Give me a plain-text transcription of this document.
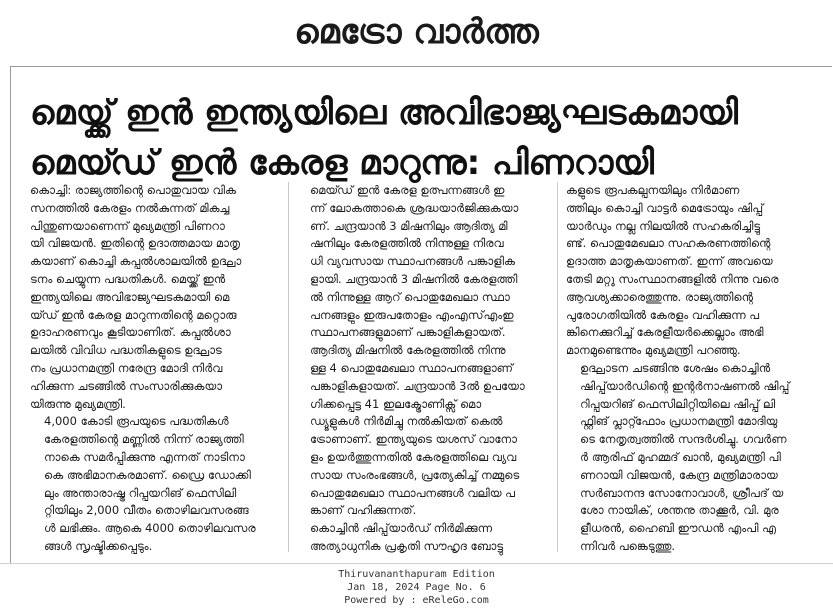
മെട്രോ വാർത്ത
മെയ്ക്ക് ഇൻ ഇന്ത്യയിലെ അവിഭാജ്യഘടകമായി
മെയ്ഡ് ഇൻ കേരള മാറുന്നു: പിണറായി

കൊച്ചി: രാജ്യത്തിന്റെ പൊതുവായ വിക
സനത്തിൽ കേരളം നൽകുന്നത് മികച്ച
പിന്തുണയാണെന്ന് മുഖ്യമന്ത്രി പിണറാ
യി വിജയൻ. ഇതിന്റെ ഉദാത്തമായ മാതൃ
കയാണ് കൊച്ചി കപ്പൽശാലയിൽ ഉദ്ഘാ
ടനം ചെയ്യുന്ന പദ്ധതികൾ. മെയ്ക്ക് ഇൻ
ഇന്ത്യയിലെ അവിഭാജ്യഘടകമായി മെ
യ്ഡ് ഇൻ കേരള മാറുന്നതിന്റെ മറ്റൊരു
ഉദാഹരണവും കൂടിയാണിത്. കപ്പൽശാ
ലയിൽ വിവിധ പദ്ധതികളുടെ ഉദ്ഘാട
നം പ്രധാനമന്ത്രി നരേന്ദ്ര മോദി നിർവ
ഹിക്കുന്ന ചടങ്ങിൽ സംസാരിക്കുകയാ
യിരുന്നു മുഖ്യമന്ത്രി.

4,000 കോടി രൂപയുടെ പദ്ധതികൾ
കേരളത്തിന്റെ മണ്ണിൽ നിന്ന് രാജ്യത്തി
നാകെ സമർപ്പിക്കുന്നു എന്നത് നാടിനാ
കെ അഭിമാനകരമാണ്. ഡ്രൈ ഡോക്കി
ലും അന്താരാഷ്ട്ര റിപ്പയറിങ് ഫെസിലി
റ്റിയിലും 2,000 വീതം തൊഴിലവസരങ്ങ
ൾ ലഭിക്കും. ആകെ 4000 തൊഴിലവസര
ങ്ങൾ സൃഷ്ടിക്കപ്പെടും.

മെയ്ഡ് ഇൻ കേരള ഉത്പന്നങ്ങൾ ഇ
ന്ന് ലോകത്താകെ ശ്രദ്ധയാർജിക്കുകയാ
ണ്. ചന്ദ്രയാൻ 3 മിഷനിലും ആദിത്യ മി
ഷനിലും കേരളത്തിൽ നിന്നുള്ള നിരവ
ധി വ്യവസായ സ്ഥാപനങ്ങൾ പങ്കാളിക
ളായി. ചന്ദ്രയാൻ 3 മിഷനിൽ കേരളത്തി
ൽ നിന്നുള്ള ആറ് പൊതുമേഖലാ സ്ഥാ
പനങ്ങളും ഇരുപതോളം എംഎസ്എംഇ
സ്ഥാപനങ്ങളുമാണ് പങ്കാളികളായത്.
ആദിത്യ മിഷനിൽ കേരളത്തിൽ നിന്നു
ള്ള 4 പൊതുമേഖലാ സ്ഥാപനങ്ങളാണ്
പങ്കാളികളായത്. ചന്ദ്രയാൻ 3ൽ ഉപയോ
ഗിക്കപ്പെട്ട 41 ഇലക്ട്രോണിക്സ് മൊ
ഡ്യൂളുകൾ നിർമിച്ചു നൽകിയത് കെൽ
ട്രോണാണ്. ഇന്ത്യയുടെ യശസ് വാനോ
ളം ഉയർത്തുന്നതിൽ കേരളത്തിലെ വ്യവ
സായ സംരംഭങ്ങൾ, പ്രത്യേകിച്ച് നമ്മുടെ
പൊതുമേഖലാ സ്ഥാപനങ്ങൾ വലിയ പ
ങ്കാണ് വഹിക്കുന്നത്.

കൊച്ചിൻ ഷിപ്പ്‌യാർഡ് നിർമിക്കുന്ന
അത്യാധുനിക പ്രകൃതി സൗഹൃദ ബോട്ടു

കളുടെ രൂപകല്പനയിലും നിർമാണ
ത്തിലും കൊച്ചി വാട്ടർ മെട്രോയും ഷിപ്പ്
യാർഡും നല്ല നിലയിൽ സഹകരിച്ചിട്ടു
ണ്ട്. പൊതുമേഖലാ സഹകരണത്തിന്റെ
ഉദാത്ത മാതൃകയാണത്. ഇന്ന് അവയെ
തേടി മറ്റു സംസ്ഥാനങ്ങളിൽ നിന്നു വരെ
ആവശ്യക്കാരെത്തുന്നു. രാജ്യത്തിന്റെ
പുരോഗതിയിൽ കേരളം വഹിക്കുന്ന പ
ങ്കിനെക്കുറിച്ച് കേരളീയർക്കെല്ലാം അഭി
മാനമുണ്ടെന്നും മുഖ്യമന്ത്രി പറഞ്ഞു.

ഉദ്ഘാടന ചടങ്ങിനു ശേഷം കൊച്ചിൻ
ഷിപ്പ്‌യാർഡിന്റെ ഇന്റർനാഷണൽ ഷിപ്പ്
റിപ്പയറിങ് ഫെസിലിറ്റിയിലെ ഷിപ്പ് ലി
ഫ്റ്റിങ് പ്ലാറ്റ്ഫോം പ്രധാനമന്ത്രി മോദിയു
ടെ നേതൃത്വത്തിൽ സന്ദർശിച്ചു. ഗവർണ
ർ ആരിഫ് മുഹമ്മദ് ഖാൻ, മുഖ്യമന്ത്രി പി
ണറായി വിജയൻ, കേന്ദ്ര മന്ത്രിമാരായ
സർബാനന്ദ സോനോവാൾ, ശ്രീപദ് യ
ശോ നായിക്, ശന്തനു താക്കൂർ, വി. മുര
ളീധരൻ, ഹൈബി ഈഡൻ എംപി എ
ന്നിവർ പങ്കെടുത്തു.

Thiruvananthapuram Edition
Jan 18, 2024 Page No. 6
Powered by : eReleGo.com
